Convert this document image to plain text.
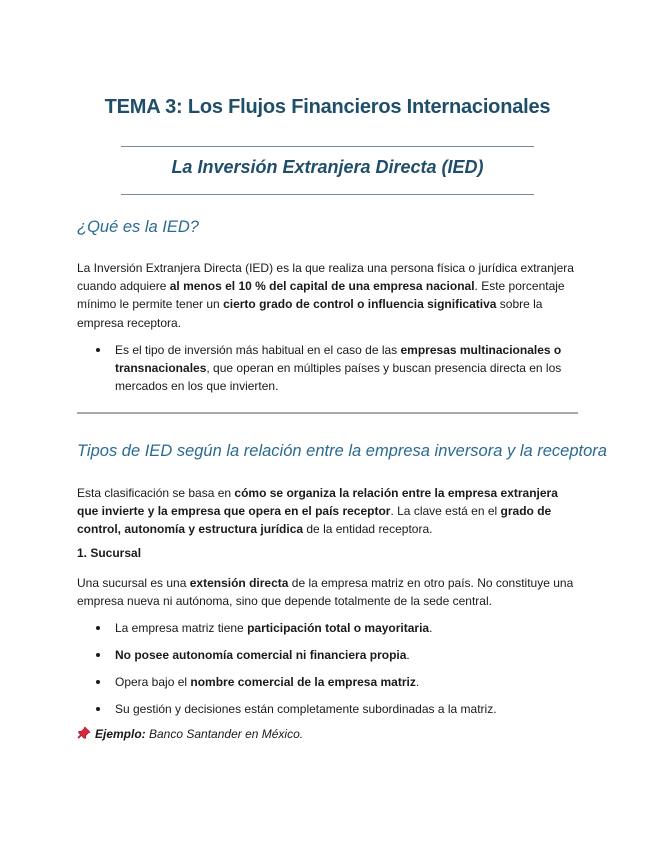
TEMA 3: Los Flujos Financieros Internacionales
La Inversión Extranjera Directa (IED)
¿Qué es la IED?

La Inversión Extranjera Directa (IED) es la que realiza una persona física o jurídica extranjera cuando adquiere al menos el 10 % del capital de una empresa nacional. Este porcentaje mínimo le permite tener un cierto grado de control o influencia significativa sobre la empresa receptora.

Es el tipo de inversión más habitual en el caso de las empresas multinacionales o transnacionales, que operan en múltiples países y buscan presencia directa en los mercados en los que invierten.
Tipos de IED según la relación entre la empresa inversora y la receptora

Esta clasificación se basa en cómo se organiza la relación entre la empresa extranjera que invierte y la empresa que opera en el país receptor. La clave está en el grado de control, autonomía y estructura jurídica de la entidad receptora.

1. Sucursal

Una sucursal es una extensión directa de la empresa matriz en otro país. No constituye una empresa nueva ni autónoma, sino que depende totalmente de la sede central.

La empresa matriz tiene participación total o mayoritaria.
No posee autonomía comercial ni financiera propia.
Opera bajo el nombre comercial de la empresa matriz.
Su gestión y decisiones están completamente subordinadas a la matriz.

Ejemplo: Banco Santander en México.
